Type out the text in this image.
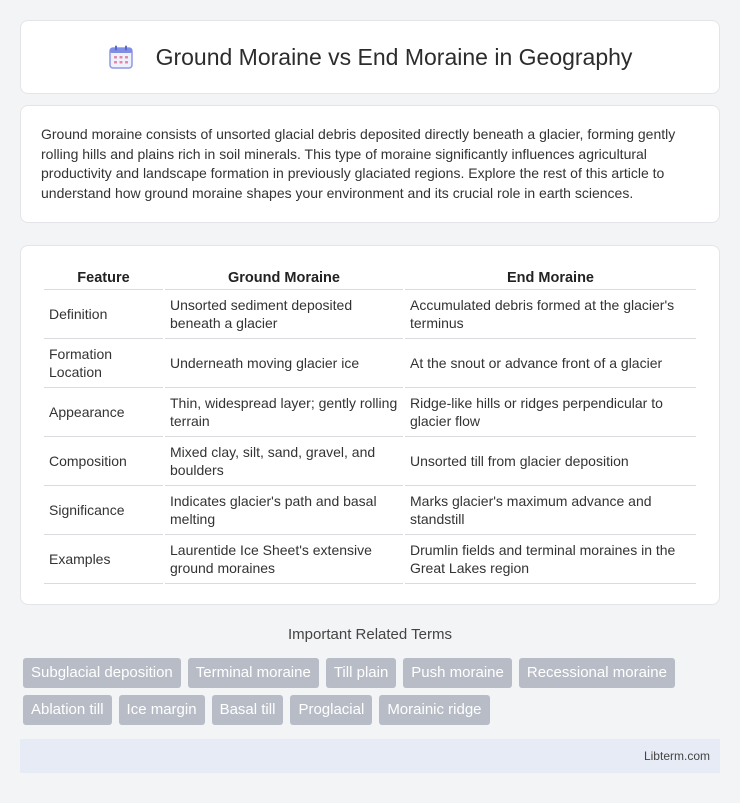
Ground Moraine vs End Moraine in Geography

Ground moraine consists of unsorted glacial debris deposited directly beneath a glacier, forming gently rolling hills and plains rich in soil minerals. This type of moraine significantly influences agricultural productivity and landscape formation in previously glaciated regions. Explore the rest of this article to understand how ground moraine shapes your environment and its crucial role in earth sciences.

Feature	Ground Moraine	End Moraine
Definition	Unsorted sediment deposited beneath a glacier	Accumulated debris formed at the glacier's terminus
Formation Location	Underneath moving glacier ice	At the snout or advance front of a glacier
Appearance	Thin, widespread layer; gently rolling terrain	Ridge-like hills or ridges perpendicular to glacier flow
Composition	Mixed clay, silt, sand, gravel, and boulders	Unsorted till from glacier deposition
Significance	Indicates glacier's path and basal melting	Marks glacier's maximum advance and standstill
Examples	Laurentide Ice Sheet's extensive ground moraines	Drumlin fields and terminal moraines in the Great Lakes region
Important Related Terms
Subglacial deposition	Terminal moraine	Till plain	Push moraine	Recessional moraine
Ablation till	Ice margin	Basal till	Proglacial	Morainic ridge
Libterm.com
